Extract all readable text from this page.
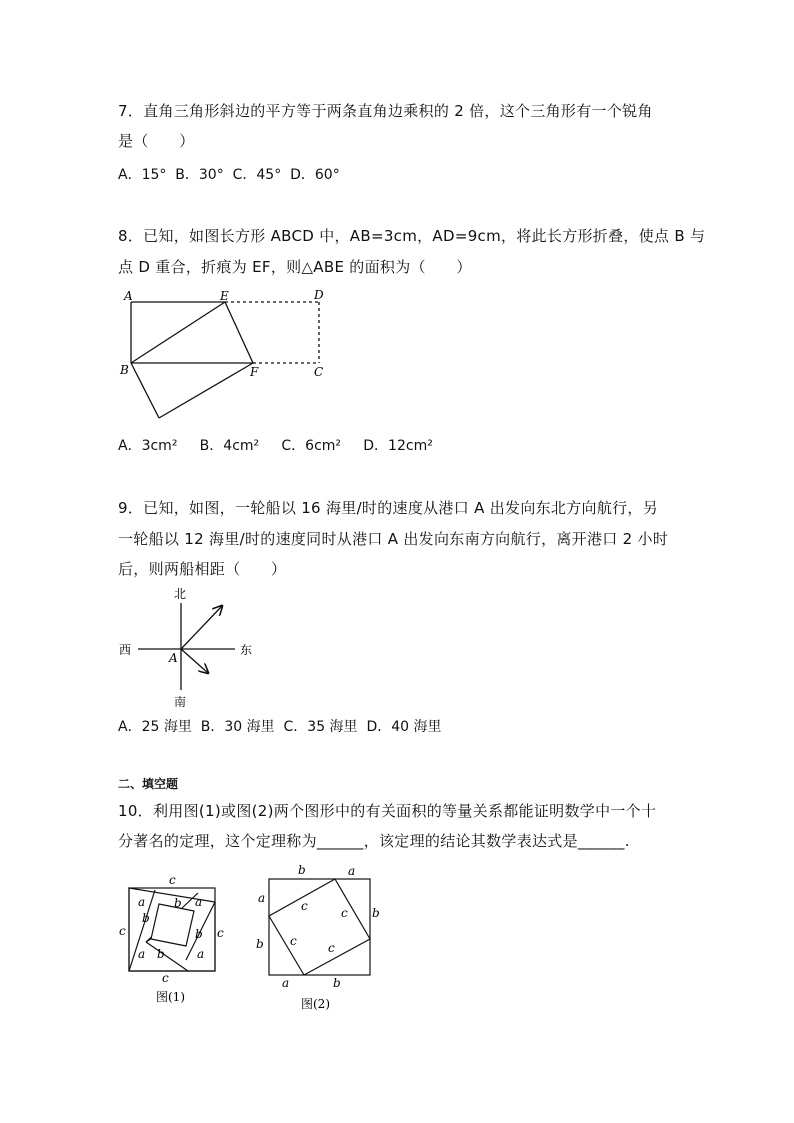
7．直角三角形斜边的平方等于两条直角边乘积的 2 倍，这个三角形有一个锐角
是（　　）
A．15°  B．30°  C．45°  D．60°
8．已知，如图长方形 ABCD 中，AB=3cm，AD=9cm，将此长方形折叠，使点 B 与
点 D 重合，折痕为 EF，则△ABE 的面积为（　　）
A	E	D
B	F	C
北
南
西	东
A
c
c	c
c
a	a
a	a
b
b
b
b
图(1)
b	a
a
b
b
a	b
c	c
c	c
图(2)
A．3cm²     B．4cm²     C．6cm²     D．12cm²
9．已知，如图，一轮船以 16 海里/时的速度从港口 A 出发向东北方向航行，另
一轮船以 12 海里/时的速度同时从港口 A 出发向东南方向航行，离开港口 2 小时
后，则两船相距（　　）
A．25 海里  B．30 海里  C．35 海里  D．40 海里
二、填空题
10．利用图(1)或图(2)两个图形中的有关面积的等量关系都能证明数学中一个十
分著名的定理，这个定理称为______，该定理的结论其数学表达式是______.
